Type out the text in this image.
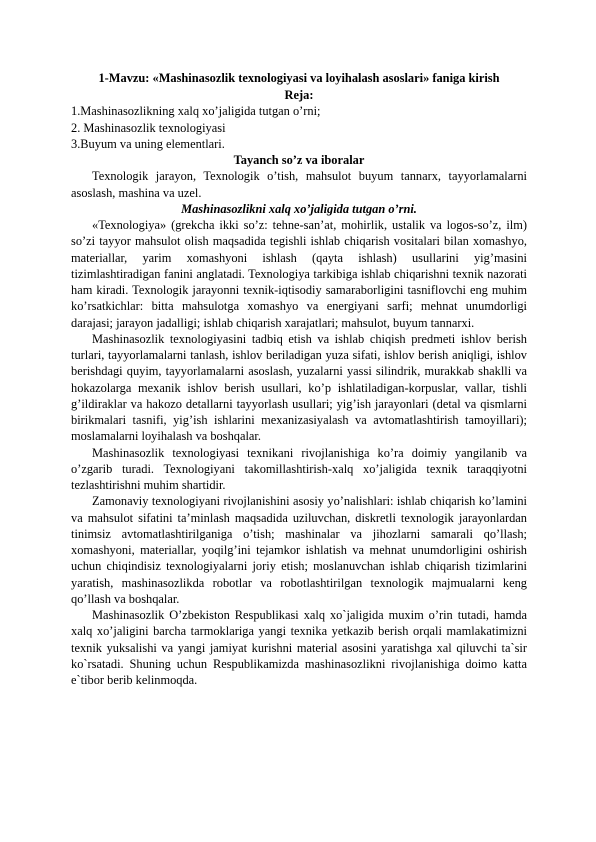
1-Mavzu: «Mashinasozlik texnologiyasi va loyihalash asoslari» faniga kirish

Reja:

1.Mashinasozlikning xalq xo’jaligida tutgan o’rni;

2. Mashinasozlik texnologiyasi

3.Buyum va uning elementlari.

Tayanch so’z va iboralar

Texnologik jarayon, Texnologik o’tish, mahsulot buyum tannarx, tayyorlamalarni asoslash, mashina va uzel.

Mashinasozlikni xalq xo’jaligida tutgan o’rni.

«Texnologiya» (grekcha ikki so’z: tehne-san’at, mohirlik, ustalik va logos-so’z, ilm) so’zi tayyor mahsulot olish maqsadida tegishli ishlab chiqarish vositalari bilan xomashyo, materiallar, yarim xomashyoni ishlash (qayta ishlash) usullarini yig’masini tizimlashtiradigan fanini anglatadi. Texnologiya tarkibiga ishlab chiqarishni texnik nazorati ham kiradi. Texnologik jarayonni texnik-iqtisodiy samaraborligini tasniflovchi eng muhim ko’rsatkichlar: bitta mahsulotga xomashyo va energiyani sarfi; mehnat unumdorligi darajasi; jarayon jadalligi; ishlab chiqarish xarajatlari; mahsulot, buyum tannarxi.

Mashinasozlik texnologiyasini tadbiq etish va ishlab chiqish predmeti ishlov berish turlari, tayyorlamalarni tanlash, ishlov beriladigan yuza sifati, ishlov berish aniqligi, ishlov berishdagi quyim, tayyorlamalarni asoslash, yuzalarni yassi silindrik, murakkab shaklli va hokazolarga mexanik ishlov berish usullari, ko’p ishlatiladigan-korpuslar, vallar, tishli g’ildiraklar va hakozo detallarni tayyorlash usullari; yig’ish jarayonlari (detal va qismlarni birikmalari tasnifi, yig’ish ishlarini mexanizasiyalash va avtomatlashtirish tamoyillari); moslamalarni loyihalash va boshqalar.

Mashinasozlik texnologiyasi texnikani rivojlanishiga ko’ra doimiy yangilanib va o’zgarib turadi. Texnologiyani takomillashtirish-xalq xo’jaligida texnik taraqqiyotni tezlashtirishni muhim shartidir.

Zamonaviy texnologiyani rivojlanishini asosiy yo’nalishlari: ishlab chiqarish ko’lamini va mahsulot sifatini ta’minlash maqsadida uziluvchan, diskretli texnologik jarayonlardan tinimsiz avtomatlashtirilganiga o’tish; mashinalar va jihozlarni samarali qo’llash; xomashyoni, materiallar, yoqilg’ini tejamkor ishlatish va mehnat unumdorligini oshirish uchun chiqindisiz texnologiyalarni joriy etish; moslanuvchan ishlab chiqarish tizimlarini yaratish, mashinasozlikda robotlar va robotlashtirilgan texnologik majmualarni keng qo’llash va boshqalar.

Mashinasozlik O’zbekiston Respublikasi xalq xo`jaligida muxim o’rin tutadi, hamda xalq xo’jaligini barcha tarmoklariga yangi texnika yetkazib berish orqali mamlakatimizni texnik yuksalishi va yangi jamiyat kurishni material asosini yaratishga xal qiluvchi ta`sir ko`rsatadi. Shuning uchun Respublikamizda mashinasozlikni rivojlanishiga doimo katta e`tibor berib kelinmoqda.
